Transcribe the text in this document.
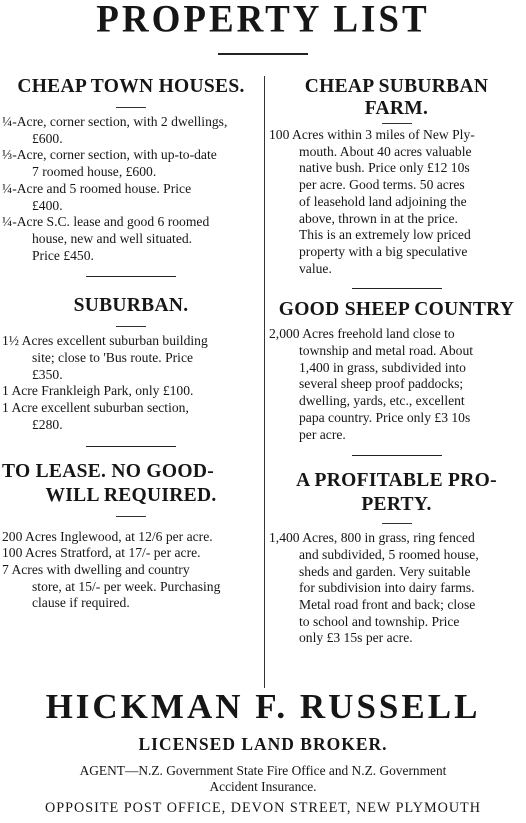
PROPERTY LIST
CHEAP TOWN HOUSES.
¼-Acre, corner section, with 2 dwellings,
£600.
⅓-Acre, corner section, with up-to-date
7 roomed house, £600.
¼-Acre and 5 roomed house. Price
£400.
¼-Acre S.C. lease and good 6 roomed
house, new and well situated.
Price £450.
SUBURBAN.
1½ Acres excellent suburban building
site; close to 'Bus route. Price
£350.
1 Acre Frankleigh Park, only £100.
1 Acre excellent suburban section,
£280.
TO LEASE. NO GOOD-
WILL REQUIRED.
200 Acres Inglewood, at 12/6 per acre.
100 Acres Stratford, at 17/- per acre.
7 Acres with dwelling and country
store, at 15/- per week. Purchasing
clause if required.
CHEAP SUBURBAN
FARM.
100 Acres within 3 miles of New Ply-
mouth. About 40 acres valuable
native bush. Price only £12 10s
per acre. Good terms. 50 acres
of leasehold land adjoining the
above, thrown in at the price.
This is an extremely low priced
property with a big speculative
value.
GOOD SHEEP COUNTRY
2,000 Acres freehold land close to
township and metal road. About
1,400 in grass, subdivided into
several sheep proof paddocks;
dwelling, yards, etc., excellent
papa country. Price only £3 10s
per acre.
A PROFITABLE PRO-
PERTY.
1,400 Acres, 800 in grass, ring fenced
and subdivided, 5 roomed house,
sheds and garden. Very suitable
for subdivision into dairy farms.
Metal road front and back; close
to school and township. Price
only £3 15s per acre.
HICKMAN F. RUSSELL
LICENSED LAND BROKER.
AGENT—N.Z. Government State Fire Office and N.Z. Government
Accident Insurance.
OPPOSITE POST OFFICE, DEVON STREET, NEW PLYMOUTH
